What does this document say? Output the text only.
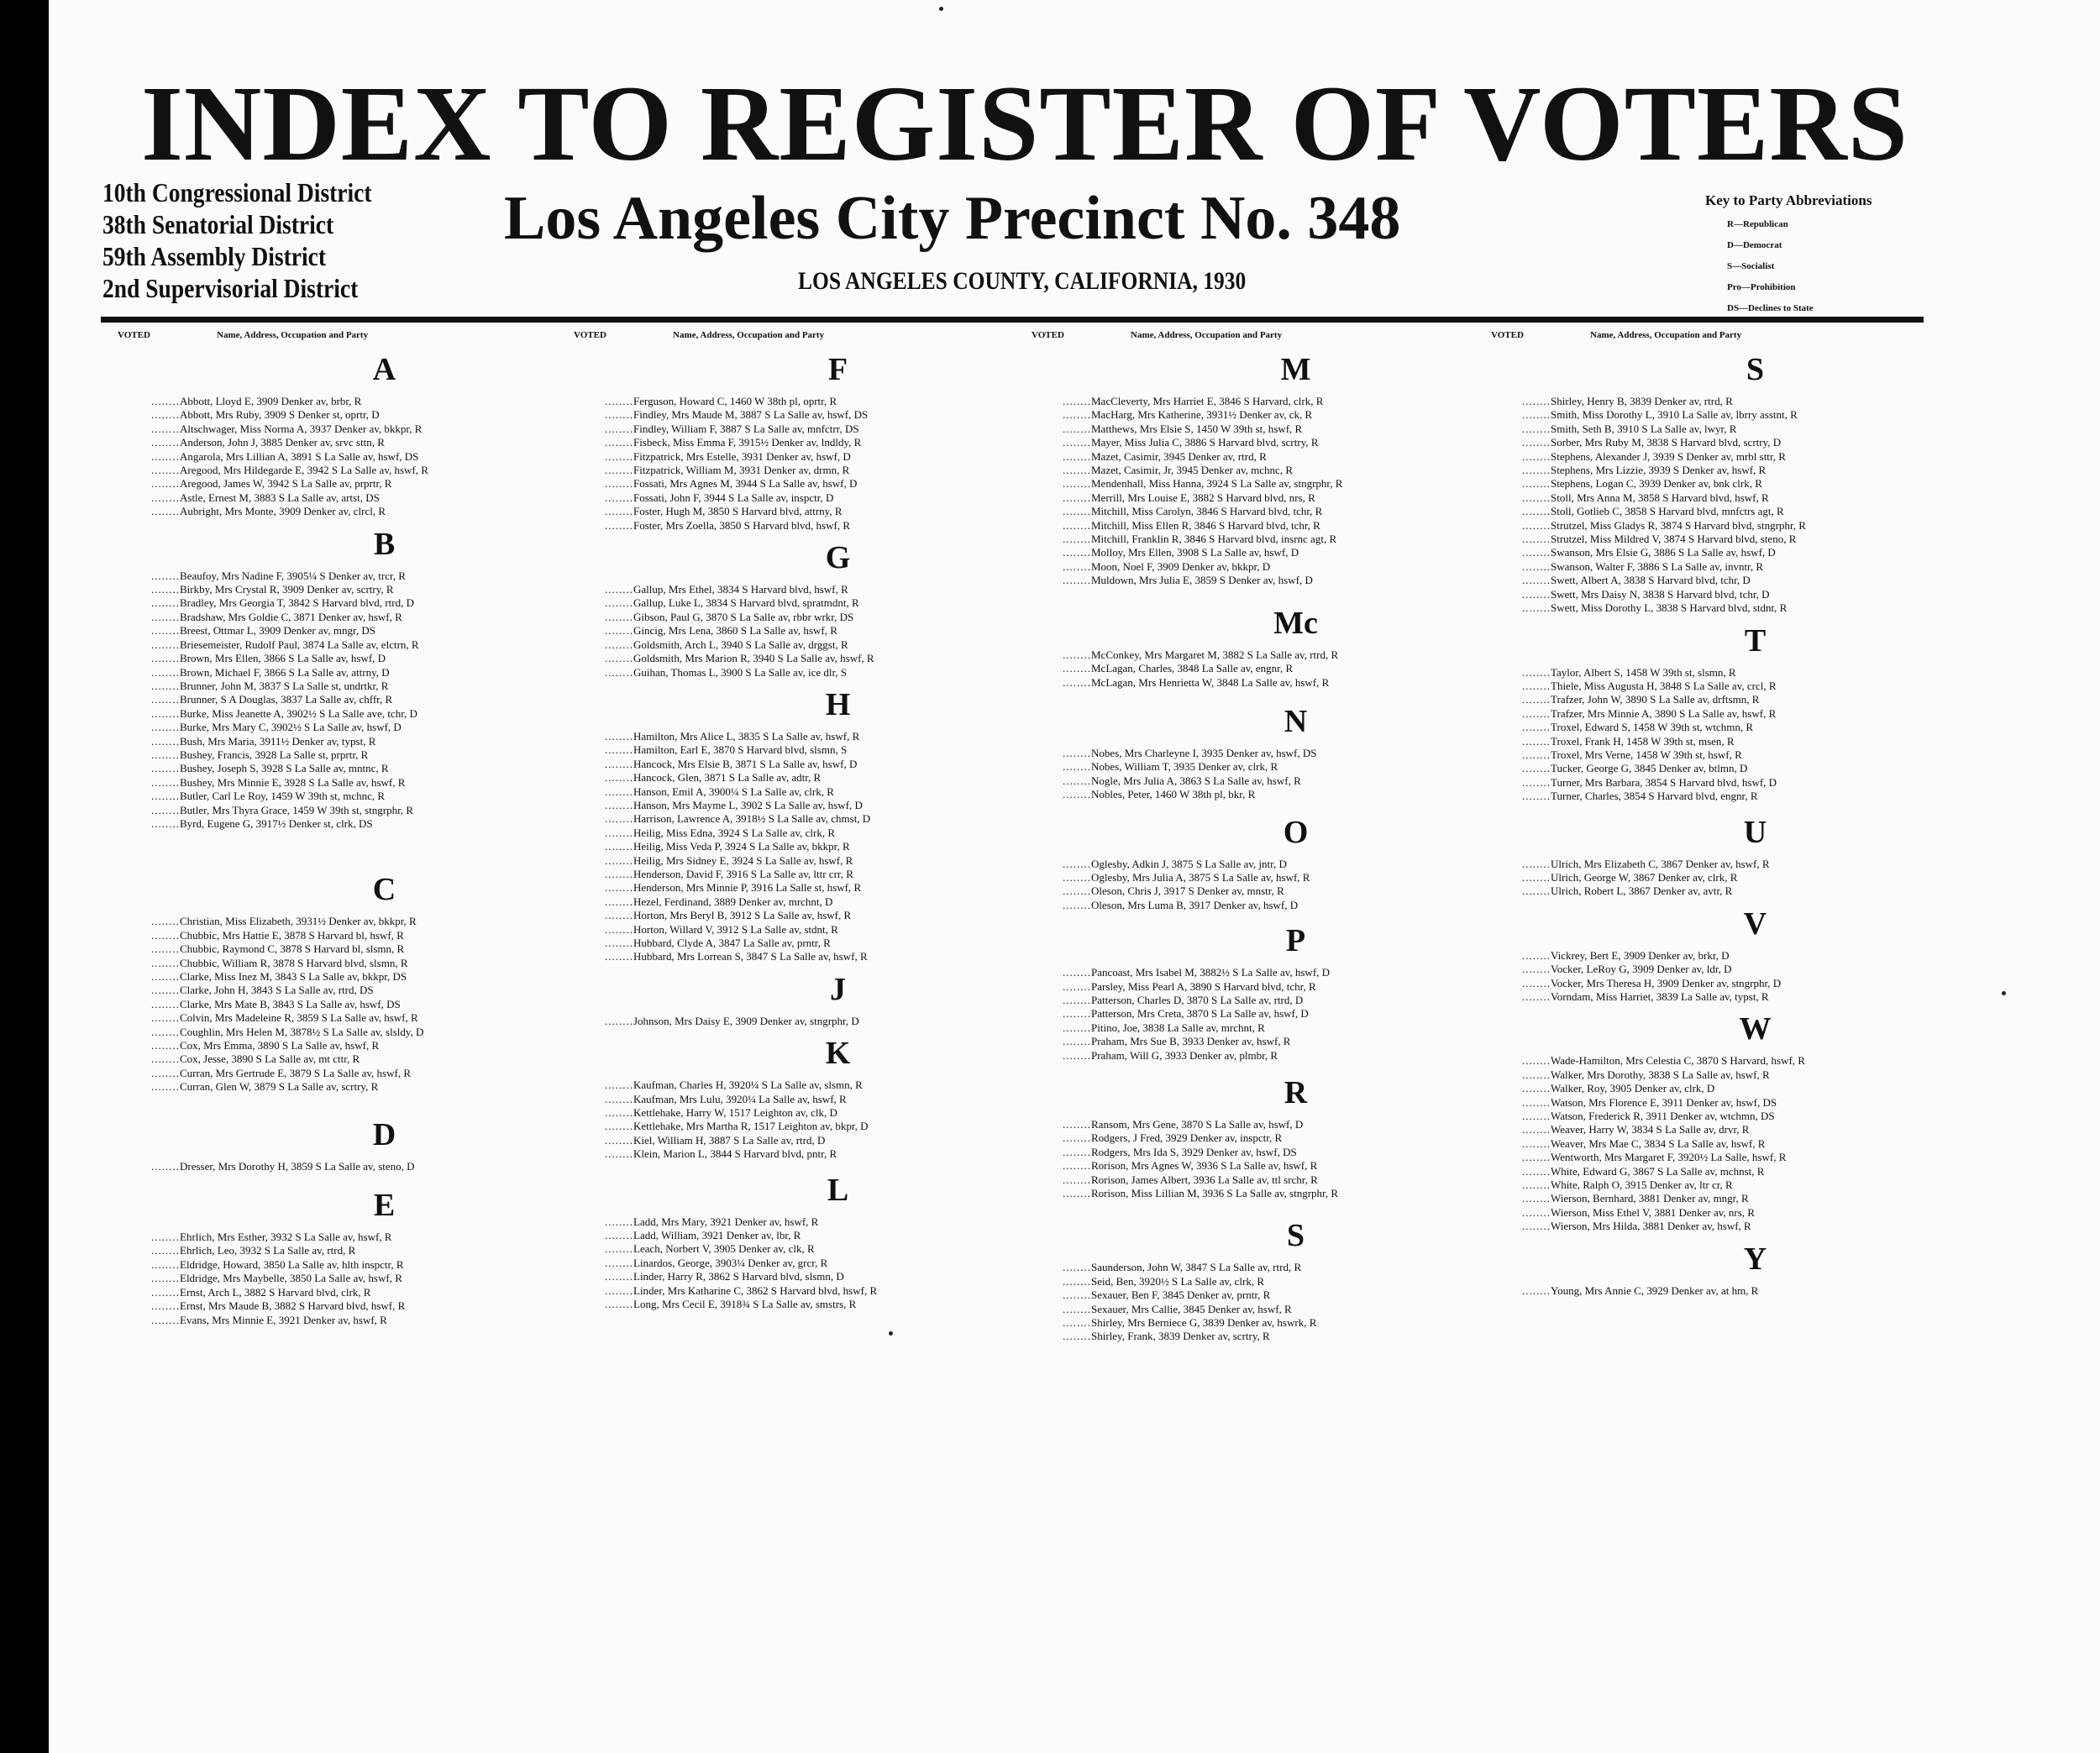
INDEX TO REGISTER OF VOTERS
10th Congressional District
38th Senatorial District
59th Assembly District
2nd Supervisorial District
Los Angeles City Precinct No. 348
LOS ANGELES COUNTY, CALIFORNIA, 1930
Key to Party Abbreviations
R—Republican
D—Democrat
S—Socialist
Pro—Prohibition
DS—Declines to State
VOTED	Name, Address, Occupation and Party	VOTED	Name, Address, Occupation and Party	VOTED	Name, Address, Occupation and Party	VOTED	Name, Address, Occupation and Party
A
........Abbott, Lloyd E, 3909 Denker av, brbr, R
........Abbott, Mrs Ruby, 3909 S Denker st, oprtr, D
........Altschwager, Miss Norma A, 3937 Denker av, bkkpr, R
........Anderson, John J, 3885 Denker av, srvc sttn, R
........Angarola, Mrs Lillian A, 3891 S La Salle av, hswf, DS
........Aregood, Mrs Hildegarde E, 3942 S La Salle av, hswf, R
........Aregood, James W, 3942 S La Salle av, prprtr, R
........Astle, Ernest M, 3883 S La Salle av, artst, DS
........Aubright, Mrs Monte, 3909 Denker av, clrcl, R
B
........Beaufoy, Mrs Nadine F, 3905¼ S Denker av, trcr, R
........Birkby, Mrs Crystal R, 3909 Denker av, scrtry, R
........Bradley, Mrs Georgia T, 3842 S Harvard blvd, rtrd, D
........Bradshaw, Mrs Goldie C, 3871 Denker av, hswf, R
........Breest, Ottmar L, 3909 Denker av, mngr, DS
........Briesemeister, Rudolf Paul, 3874 La Salle av, elctrn, R
........Brown, Mrs Ellen, 3866 S La Salle av, hswf, D
........Brown, Michael F, 3866 S La Salle av, attrny, D
........Brunner, John M, 3837 S La Salle st, undrtkr, R
........Brunner, S A Douglas, 3837 La Salle av, chffr, R
........Burke, Miss Jeanette A, 3902½ S La Salle ave, tchr, D
........Burke, Mrs Mary C, 3902½ S La Salle av, hswf, D
........Bush, Mrs Maria, 3911½ Denker av, typst, R
........Bushey, Francis, 3928 La Salle st, prprtr, R
........Bushey, Joseph S, 3928 S La Salle av, mntnc, R
........Bushey, Mrs Minnie E, 3928 S La Salle av, hswf, R
........Butler, Carl Le Roy, 1459 W 39th st, mchnc, R
........Butler, Mrs Thyra Grace, 1459 W 39th st, stngrphr, R
........Byrd, Eugene G, 3917½ Denker st, clrk, DS
C
........Christian, Miss Elizabeth, 3931½ Denker av, bkkpr, R
........Chubbic, Mrs Hattie E, 3878 S Harvard bl, hswf, R
........Chubbic, Raymond C, 3878 S Harvard bl, slsmn, R
........Chubbic, William R, 3878 S Harvard blvd, slsmn, R
........Clarke, Miss Inez M, 3843 S La Salle av, bkkpr, DS
........Clarke, John H, 3843 S La Salle av, rtrd, DS
........Clarke, Mrs Mate B, 3843 S La Salle av, hswf, DS
........Colvin, Mrs Madeleine R, 3859 S La Salle av, hswf, R
........Coughlin, Mrs Helen M, 3878½ S La Salle av, slsldy, D
........Cox, Mrs Emma, 3890 S La Salle av, hswf, R
........Cox, Jesse, 3890 S La Salle av, mt cttr, R
........Curran, Mrs Gertrude E, 3879 S La Salle av, hswf, R
........Curran, Glen W, 3879 S La Salle av, scrtry, R
D
........Dresser, Mrs Dorothy H, 3859 S La Salle av, steno, D
E
........Ehrlich, Mrs Esther, 3932 S La Salle av, hswf, R
........Ehrlich, Leo, 3932 S La Salle av, rtrd, R
........Eldridge, Howard, 3850 La Salle av, hlth inspctr, R
........Eldridge, Mrs Maybelle, 3850 La Salle av, hswf, R
........Ernst, Arch L, 3882 S Harvard blvd, clrk, R
........Ernst, Mrs Maude B, 3882 S Harvard blvd, hswf, R
........Evans, Mrs Minnie E, 3921 Denker av, hswf, R
F
........Ferguson, Howard C, 1460 W 38th pl, oprtr, R
........Findley, Mrs Maude M, 3887 S La Salle av, hswf, DS
........Findley, William F, 3887 S La Salle av, mnfctrr, DS
........Fisbeck, Miss Emma F, 3915½ Denker av, lndldy, R
........Fitzpatrick, Mrs Estelle, 3931 Denker av, hswf, D
........Fitzpatrick, William M, 3931 Denker av, drmn, R
........Fossati, Mrs Agnes M, 3944 S La Salle av, hswf, D
........Fossati, John F, 3944 S La Salle av, inspctr, D
........Foster, Hugh M, 3850 S Harvard blvd, attrny, R
........Foster, Mrs Zoella, 3850 S Harvard blvd, hswf, R
G
........Gallup, Mrs Ethel, 3834 S Harvard blvd, hswf, R
........Gallup, Luke L, 3834 S Harvard blvd, spratmdnt, R
........Gibson, Paul G, 3870 S La Salle av, rbbr wrkr, DS
........Gincig, Mrs Lena, 3860 S La Salle av, hswf, R
........Goldsmith, Arch L, 3940 S La Salle av, drggst, R
........Goldsmith, Mrs Marion R, 3940 S La Salle av, hswf, R
........Guihan, Thomas L, 3900 S La Salle av, ice dlr, S
H
........Hamilton, Mrs Alice L, 3835 S La Salle av, hswf, R
........Hamilton, Earl E, 3870 S Harvard blvd, slsmn, S
........Hancock, Mrs Elsie B, 3871 S La Salle av, hswf, D
........Hancock, Glen, 3871 S La Salle av, adtr, R
........Hanson, Emil A, 3900¼ S La Salle av, clrk, R
........Hanson, Mrs Mayme L, 3902 S La Salle av, hswf, D
........Harrison, Lawrence A, 3918½ S La Salle av, chmst, D
........Heilig, Miss Edna, 3924 S La Salle av, clrk, R
........Heilig, Miss Veda P, 3924 S La Salle av, bkkpr, R
........Heilig, Mrs Sidney E, 3924 S La Salle av, hswf, R
........Henderson, David F, 3916 S La Salle av, lttr crr, R
........Henderson, Mrs Minnie P, 3916 La Salle st, hswf, R
........Hezel, Ferdinand, 3889 Denker av, mrchnt, D
........Horton, Mrs Beryl B, 3912 S La Salle av, hswf, R
........Horton, Willard V, 3912 S La Salle av, stdnt, R
........Hubbard, Clyde A, 3847 La Salle av, prntr, R
........Hubbard, Mrs Lorrean S, 3847 S La Salle av, hswf, R
J
........Johnson, Mrs Daisy E, 3909 Denker av, stngrphr, D
K
........Kaufman, Charles H, 3920¼ S La Salle av, slsmn, R
........Kaufman, Mrs Lulu, 3920¼ La Salle av, hswf, R
........Kettlehake, Harry W, 1517 Leighton av, clk, D
........Kettlehake, Mrs Martha R, 1517 Leighton av, bkpr, D
........Kiel, William H, 3887 S La Salle av, rtrd, D
........Klein, Marion L, 3844 S Harvard blvd, pntr, R
L
........Ladd, Mrs Mary, 3921 Denker av, hswf, R
........Ladd, William, 3921 Denker av, lbr, R
........Leach, Norbert V, 3905 Denker av, clk, R
........Linardos, George, 3903¼ Denker av, grcr, R
........Linder, Harry R, 3862 S Harvard blvd, slsmn, D
........Linder, Mrs Katharine C, 3862 S Harvard blvd, hswf, R
........Long, Mrs Cecil E, 3918¾ S La Salle av, smstrs, R
M
........MacCleverty, Mrs Harriet E, 3846 S Harvard, clrk, R
........MacHarg, Mrs Katherine, 3931½ Denker av, ck, R
........Matthews, Mrs Elsie S, 1450 W 39th st, hswf, R
........Mayer, Miss Julia C, 3886 S Harvard blvd, scrtry, R
........Mazet, Casimir, 3945 Denker av, rtrd, R
........Mazet, Casimir, Jr, 3945 Denker av, mchnc, R
........Mendenhall, Miss Hanna, 3924 S La Salle av, stngrphr, R
........Merrill, Mrs Louise E, 3882 S Harvard blvd, nrs, R
........Mitchill, Miss Carolyn, 3846 S Harvard blvd, tchr, R
........Mitchill, Miss Ellen R, 3846 S Harvard blvd, tchr, R
........Mitchill, Franklin R, 3846 S Harvard blvd, insrnc agt, R
........Molloy, Mrs Ellen, 3908 S La Salle av, hswf, D
........Moon, Noel F, 3909 Denker av, bkkpr, D
........Muldown, Mrs Julia E, 3859 S Denker av, hswf, D
Mc
........McConkey, Mrs Margaret M, 3882 S La Salle av, rtrd, R
........McLagan, Charles, 3848 La Salle av, engnr, R
........McLagan, Mrs Henrietta W, 3848 La Salle av, hswf, R
N
........Nobes, Mrs Charleyne I, 3935 Denker av, hswf, DS
........Nobes, William T, 3935 Denker av, clrk, R
........Nogle, Mrs Julia A, 3863 S La Salle av, hswf, R
........Nobles, Peter, 1460 W 38th pl, bkr, R
O
........Oglesby, Adkin J, 3875 S La Salle av, jntr, D
........Oglesby, Mrs Julia A, 3875 S La Salle av, hswf, R
........Oleson, Chris J, 3917 S Denker av, mnstr, R
........Oleson, Mrs Luma B, 3917 Denker av, hswf, D
P
........Pancoast, Mrs Isabel M, 3882½ S La Salle av, hswf, D
........Parsley, Miss Pearl A, 3890 S Harvard blvd, tchr, R
........Patterson, Charles D, 3870 S La Salle av, rtrd, D
........Patterson, Mrs Creta, 3870 S La Salle av, hswf, D
........Pitino, Joe, 3838 La Salle av, mrchnt, R
........Praham, Mrs Sue B, 3933 Denker av, hswf, R
........Praham, Will G, 3933 Denker av, plmbr, R
R
........Ransom, Mrs Gene, 3870 S La Salle av, hswf, D
........Rodgers, J Fred, 3929 Denker av, inspctr, R
........Rodgers, Mrs Ida S, 3929 Denker av, hswf, DS
........Rorison, Mrs Agnes W, 3936 S La Salle av, hswf, R
........Rorison, James Albert, 3936 La Salle av, ttl srchr, R
........Rorison, Miss Lillian M, 3936 S La Salle av, stngrphr, R
S
........Saunderson, John W, 3847 S La Salle av, rtrd, R
........Seid, Ben, 3920½ S La Salle av, clrk, R
........Sexauer, Ben F, 3845 Denker av, prntr, R
........Sexauer, Mrs Callie, 3845 Denker av, hswf, R
........Shirley, Mrs Berniece G, 3839 Denker av, hswrk, R
........Shirley, Frank, 3839 Denker av, scrtry, R
S
........Shirley, Henry B, 3839 Denker av, rtrd, R
........Smith, Miss Dorothy L, 3910 La Salle av, lbrry asstnt, R
........Smith, Seth B, 3910 S La Salle av, lwyr, R
........Sorber, Mrs Ruby M, 3838 S Harvard blvd, scrtry, D
........Stephens, Alexander J, 3939 S Denker av, mrbl sttr, R
........Stephens, Mrs Lizzie, 3939 S Denker av, hswf, R
........Stephens, Logan C, 3939 Denker av, bnk clrk, R
........Stoll, Mrs Anna M, 3858 S Harvard blvd, hswf, R
........Stoll, Gotlieb C, 3858 S Harvard blvd, mnfctrs agt, R
........Strutzel, Miss Gladys R, 3874 S Harvard blvd, stngrphr, R
........Strutzel, Miss Mildred V, 3874 S Harvard blvd, steno, R
........Swanson, Mrs Elsie G, 3886 S La Salle av, hswf, D
........Swanson, Walter F, 3886 S La Salle av, invntr, R
........Swett, Albert A, 3838 S Harvard blvd, tchr, D
........Swett, Mrs Daisy N, 3838 S Harvard blvd, tchr, D
........Swett, Miss Dorothy L, 3838 S Harvard blvd, stdnt, R
T
........Taylor, Albert S, 1458 W 39th st, slsmn, R
........Thiele, Miss Augusta H, 3848 S La Salle av, crcl, R
........Trafzer, John W, 3890 S La Salle av, drftsmn, R
........Trafzer, Mrs Minnie A, 3890 S La Salle av, hswf, R
........Troxel, Edward S, 1458 W 39th st, wtchmn, R
........Troxel, Frank H, 1458 W 39th st, msen, R
........Troxel, Mrs Verne, 1458 W 39th st, hswf, R
........Tucker, George G, 3845 Denker av, btlmn, D
........Turner, Mrs Barbara, 3854 S Harvard blvd, hswf, D
........Turner, Charles, 3854 S Harvard blvd, engnr, R
U
........Ulrich, Mrs Elizabeth C, 3867 Denker av, hswf, R
........Ulrich, George W, 3867 Denker av, clrk, R
........Ulrich, Robert L, 3867 Denker av, avtr, R
V
........Vickrey, Bert E, 3909 Denker av, brkr, D
........Vocker, LeRoy G, 3909 Denker av, ldr, D
........Vocker, Mrs Theresa H, 3909 Denker av, stngrphr, D
........Vorndam, Miss Harriet, 3839 La Salle av, typst, R
W
........Wade-Hamilton, Mrs Celestia C, 3870 S Harvard, hswf, R
........Walker, Mrs Dorothy, 3838 S La Salle av, hswf, R
........Walker, Roy, 3905 Denker av, clrk, D
........Watson, Mrs Florence E, 3911 Denker av, hswf, DS
........Watson, Frederick R, 3911 Denker av, wtchmn, DS
........Weaver, Harry W, 3834 S La Salle av, drvr, R
........Weaver, Mrs Mae C, 3834 S La Salle av, hswf, R
........Wentworth, Mrs Margaret F, 3920½ La Salle, hswf, R
........White, Edward G, 3867 S La Salle av, mchnst, R
........White, Ralph O, 3915 Denker av, ltr cr, R
........Wierson, Bernhard, 3881 Denker av, mngr, R
........Wierson, Miss Ethel V, 3881 Denker av, nrs, R
........Wierson, Mrs Hilda, 3881 Denker av, hswf, R
Y
........Young, Mrs Annie C, 3929 Denker av, at hm, R
